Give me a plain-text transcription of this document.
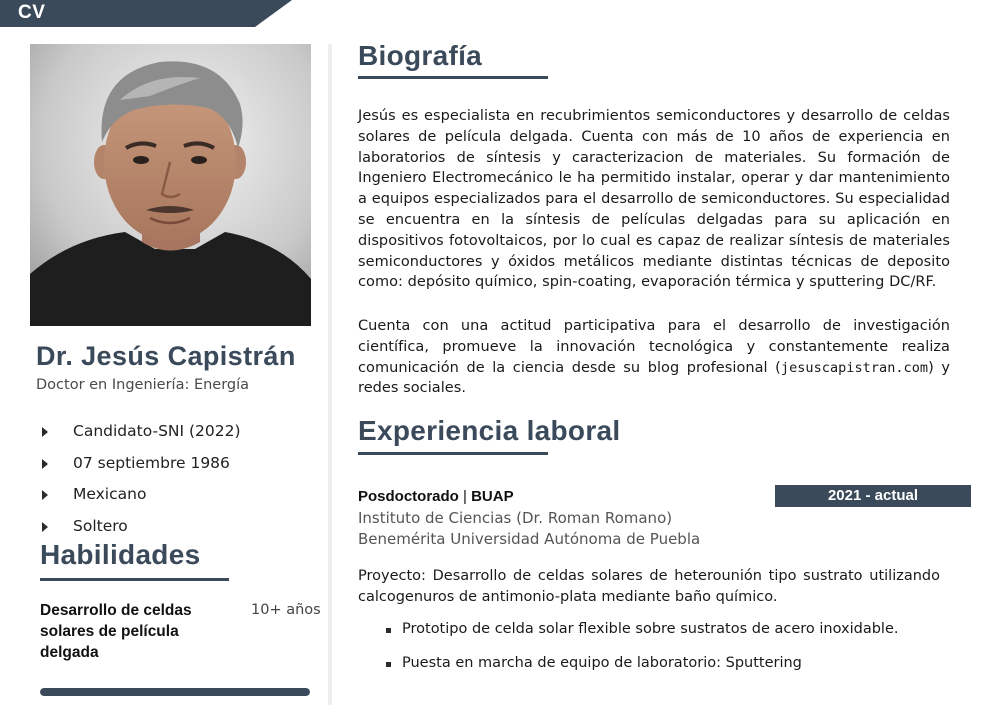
CV
Dr. Jesús Capistrán
Doctor en Ingeniería: Energía
Candidato-SNI (2022)
07 septiembre 1986
Mexicano
Soltero
Habilidades
Desarrollo de celdas solares de película delgada
10+ años
Biografía

Jesús es especialista en recubrimientos semiconductores y desarrollo de celdas solares de película delgada. Cuenta con más de 10 años de experiencia en laboratorios de síntesis y caracterizacion de materiales. Su formación de Ingeniero Electromecánico le ha permitido instalar, operar y dar mantenimiento a equipos especializados para el desarrollo de semiconductores. Su especialidad se encuentra en la síntesis de películas delgadas para su aplicación en dispositivos fotovoltaicos, por lo cual es capaz de realizar síntesis de materiales semiconductores y óxidos metálicos mediante distintas técnicas de deposito como: depósito químico, spin-coating, evaporación térmica y sputtering DC/RF.

Cuenta con una actitud participativa para el desarrollo de investigación científica, promueve la innovación tecnológica y constantemente realiza comunicación de la ciencia desde su blog profesional (jesuscapistran.com) y redes sociales.

Experiencia laboral
Posdoctorado | BUAP	2021 - actual
Instituto de Ciencias (Dr. Roman Romano)
Benemérita Universidad Autónoma de Puebla

Proyecto: Desarrollo de celdas solares de heterounión tipo sustrato utilizando calcogenuros de antimonio-plata mediante baño químico.

Prototipo de celda solar flexible sobre sustratos de acero inoxidable.
Puesta en marcha de equipo de laboratorio: Sputtering
